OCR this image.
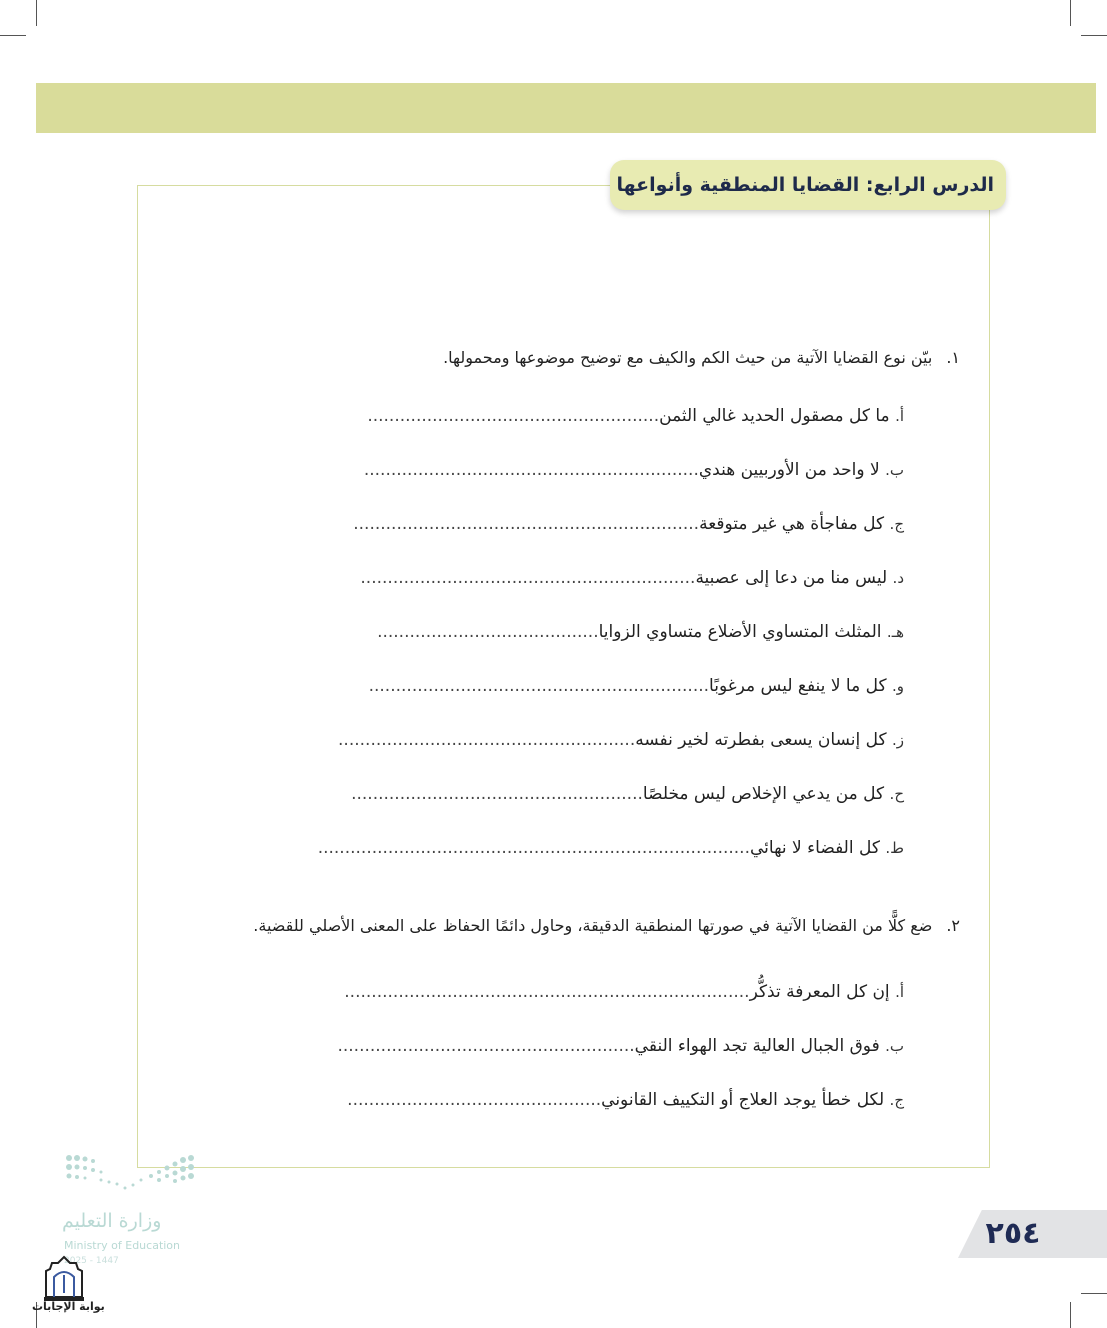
الدرس الرابع: القضايا المنطقية وأنواعها
١.بيّن نوع القضايا الآتية من حيث الكم والكيف مع توضيح موضوعها ومحمولها.
أ. ما كل مصقول الحديد غالي الثمن......................................................
ب. لا واحد من الأوربيين هندي..............................................................
ج. كل مفاجأة هي غير متوقعة................................................................
د. ليس منا من دعا إلى عصبية..............................................................
هـ. المثلث المتساوي الأضلاع متساوي الزوايا.........................................
و. كل ما لا ينفع ليس مرغوبًا...............................................................
ز. كل إنسان يسعى بفطرته لخير نفسه.......................................................
ح. كل من يدعي الإخلاص ليس مخلصًا......................................................
ط. كل الفضاء لا نهائي................................................................................
٢.ضع كلًّا من القضايا الآتية في صورتها المنطقية الدقيقة، وحاول دائمًا الحفاظ على المعنى الأصلي للقضية.
أ. إن كل المعرفة تذكُّر...........................................................................
ب. فوق الجبال العالية تجد الهواء النقي.......................................................
ج. لكل خطأ يوجد العلاج أو التكييف القانوني...............................................
٢٥٤
وزارة التعليم
Ministry of Education
2025 - 1447
بوابة الإجابات
